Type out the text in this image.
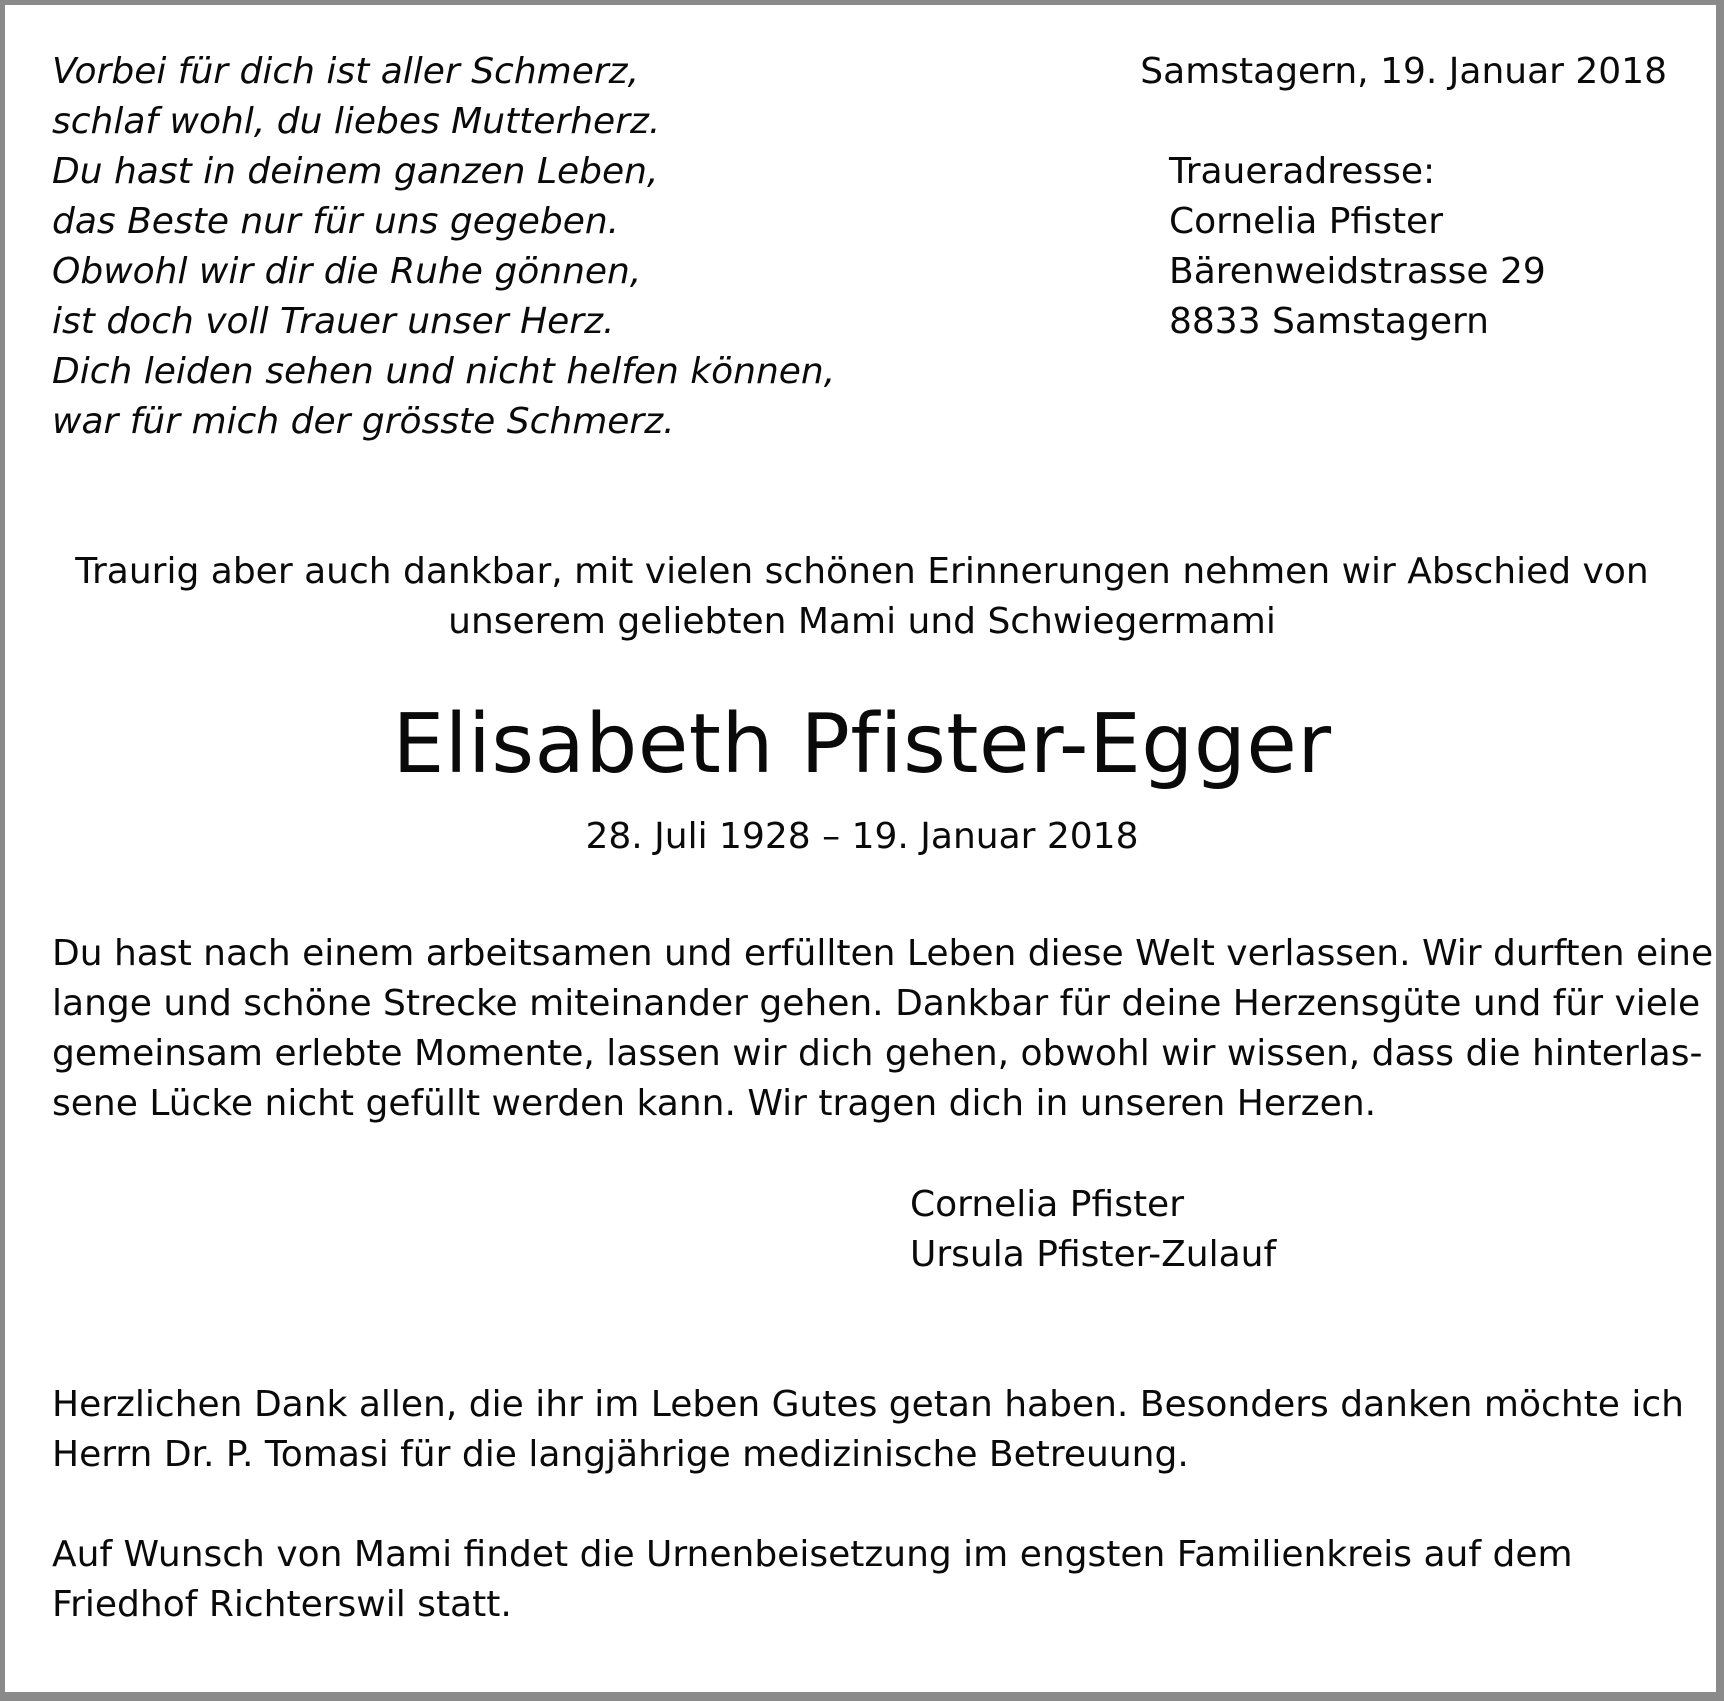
Vorbei für dich ist aller Schmerz,
schlaf wohl, du liebes Mutterherz.
Du hast in deinem ganzen Leben,
das Beste nur für uns gegeben.
Obwohl wir dir die Ruhe gönnen,
ist doch voll Trauer unser Herz.
Dich leiden sehen und nicht helfen können,
war für mich der grösste Schmerz.
Samstagern, 19. Januar 2018
Traueradresse:
Cornelia Pfister
Bärenweidstrasse 29
8833 Samstagern
Traurig aber auch dankbar, mit vielen schönen Erinnerungen nehmen wir Abschied von
unserem geliebten Mami und Schwiegermami
Elisabeth Pfister-Egger
28. Juli 1928 – 19. Januar 2018
Du hast nach einem arbeitsamen und erfüllten Leben diese Welt verlassen. Wir durften eine
lange und schöne Strecke miteinander gehen. Dankbar für deine Herzensgüte und für viele
gemeinsam erlebte Momente, lassen wir dich gehen, obwohl wir wissen, dass die hinterlas-
sene Lücke nicht gefüllt werden kann. Wir tragen dich in unseren Herzen.
Cornelia Pfister
Ursula Pfister-Zulauf
Herzlichen Dank allen, die ihr im Leben Gutes getan haben. Besonders danken möchte ich
Herrn Dr. P. Tomasi für die langjährige medizinische Betreuung.
Auf Wunsch von Mami findet die Urnenbeisetzung im engsten Familienkreis auf dem
Friedhof Richterswil statt.
